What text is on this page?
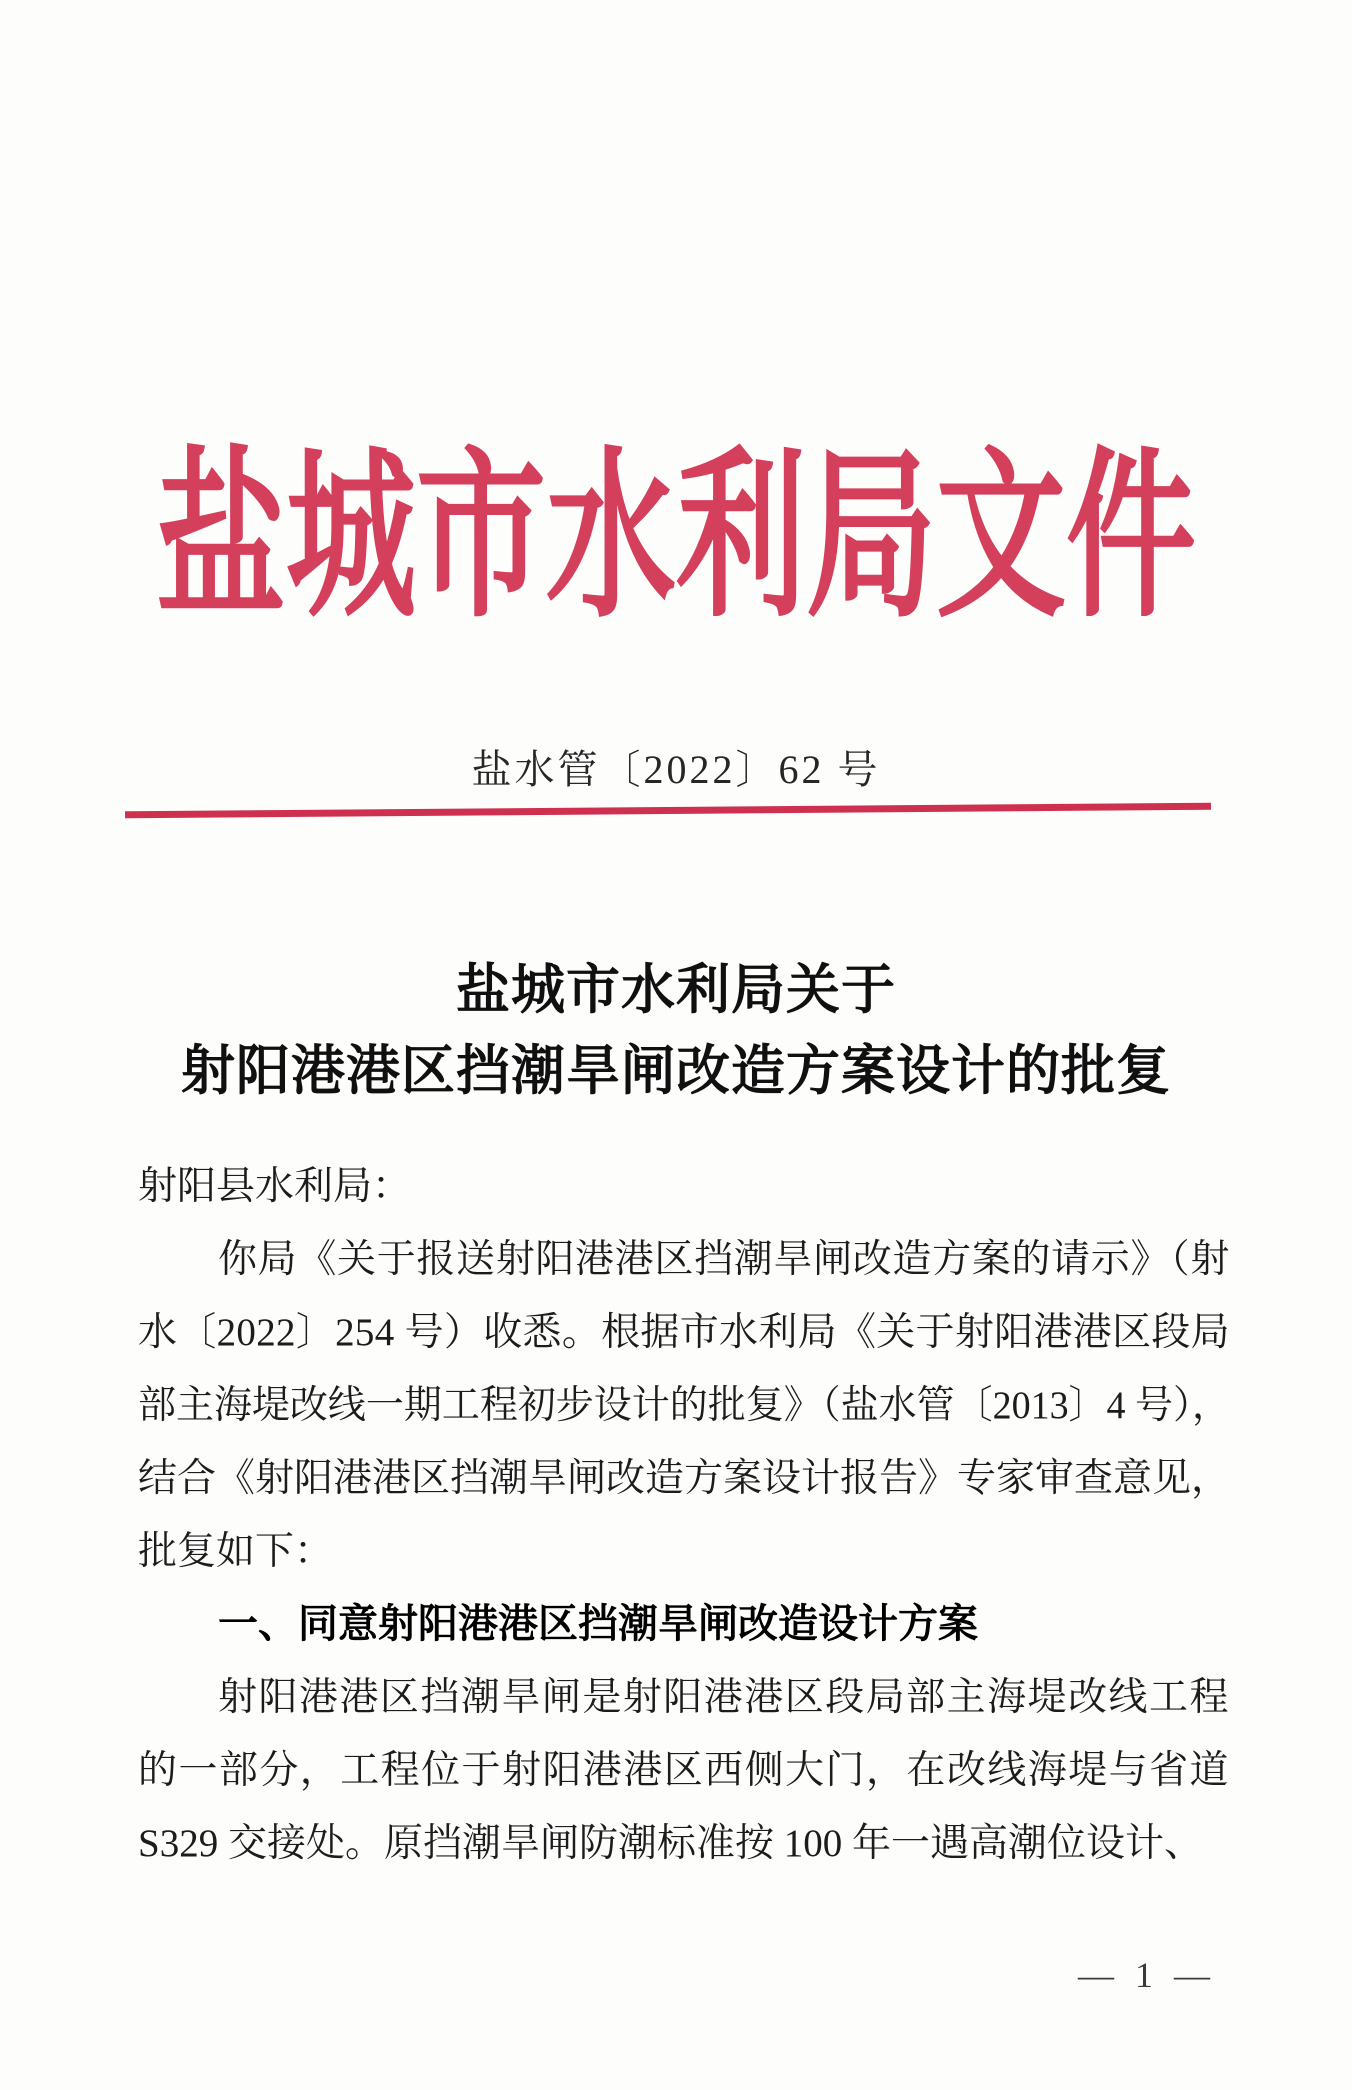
盐城市水利局文件
盐水管〔2022〕62 号
盐城市水利局关于
射阳港港区挡潮旱闸改造方案设计的批复
射阳县水利局：
你局《关于报送射阳港港区挡潮旱闸改造方案的请示》（射
水〔2022〕254 号）收悉。根据市水利局《关于射阳港港区段局
部主海堤改线一期工程初步设计的批复》（盐水管〔2013〕4 号），
结合《射阳港港区挡潮旱闸改造方案设计报告》专家审查意见，
批复如下：
一、同意射阳港港区挡潮旱闸改造设计方案
射阳港港区挡潮旱闸是射阳港港区段局部主海堤改线工程
的一部分，工程位于射阳港港区西侧大门，在改线海堤与省道
S329 交接处。原挡潮旱闸防潮标准按 100 年一遇高潮位设计、
— 1 —
